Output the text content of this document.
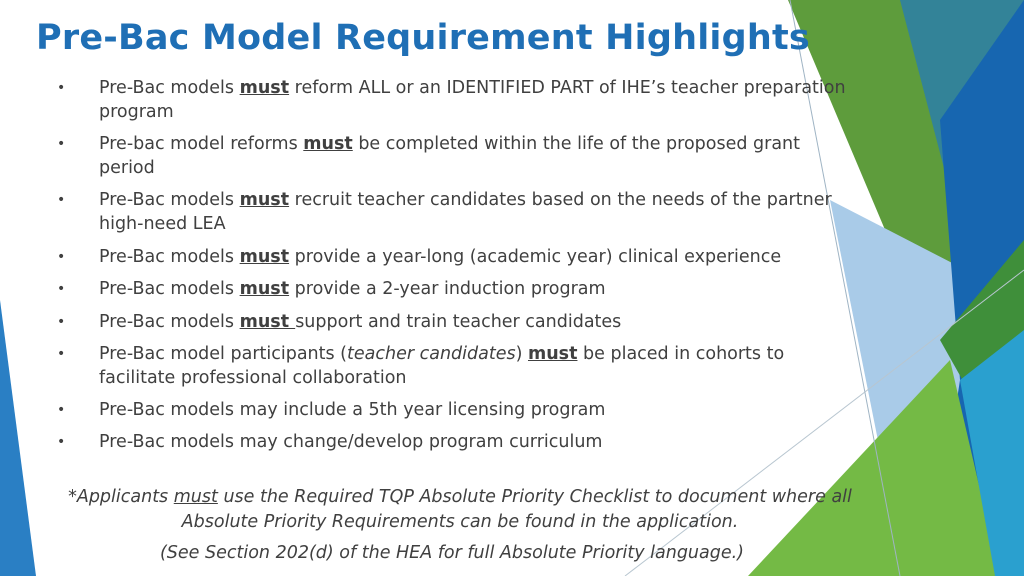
Pre-Bac Model Requirement Highlights
• Pre-Bac models must reform ALL or an IDENTIFIED PART of IHE’s teacher preparation program
• Pre-bac model reforms must be completed within the life of the proposed grant period
• Pre-Bac models must recruit teacher candidates based on the needs of the partner high-need LEA
• Pre-Bac models must provide a year-long (academic year) clinical experience
• Pre-Bac models must provide a 2-year induction program
• Pre-Bac models must support and train teacher candidates
• Pre-Bac model participants (teacher candidates) must be placed in cohorts to facilitate professional collaboration
• Pre-Bac models may include a 5th year licensing program
• Pre-Bac models may change/develop program curriculum
*Applicants must use the Required TQP Absolute Priority Checklist to document where all Absolute Priority Requirements can be found in the application.
(See Section 202(d) of the HEA for full Absolute Priority language.)
